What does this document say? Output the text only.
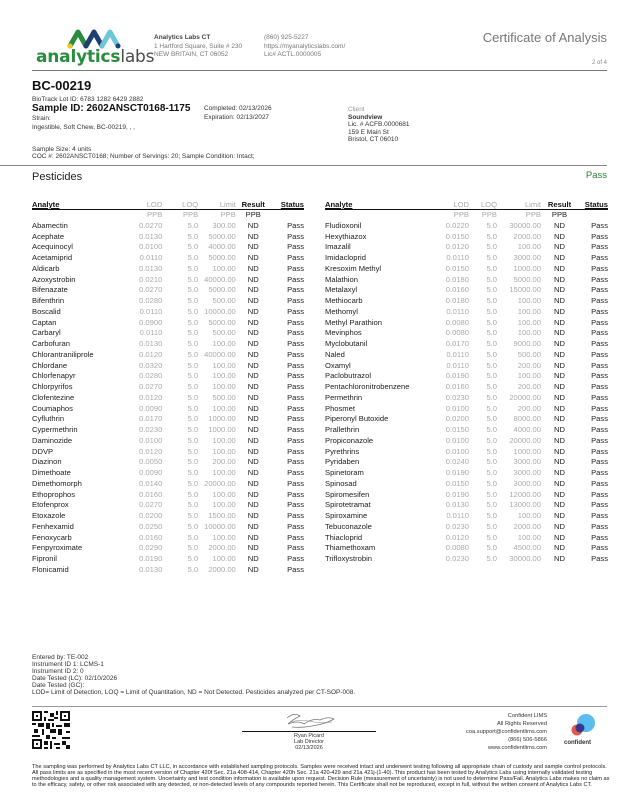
analyticslabs
Analytics Labs CT
1 Hartford Square, Suite # 230
NEW BRITAIN, CT 06052
(860) 925-5227
https://myanalyticslabs.com/
Lic# ACTL.0000005
Certificate of Analysis
2 of 4
BC-00219
BioTrack Lot ID: 6783 1282 6429 2882
Sample ID: 2602ANSCT0168-1175 Completed: 02/13/2026
Expiration: 02/13/2027
Strain:
Ingestible, Soft Chew, BC-00219, , ,
Client
Soundview
Lic. # ACFB.0000681
159 E Main St
Bristol, CT 06010
Sample Size: 4 units
COC #: 2602ANSCT0168; Number of Servings: 20; Sample Condition: Intact;
Pesticides	Pass
Analyte	LOD	LOQ	Limit Result	Status
PPB	PPB	PPB	PPB
Abamectin	0.0270	5.0	300.00	ND	Pass
Acephate	0.0130	5.0	5000.00	ND	Pass
Acequinocyl	0.0100	5.0	4000.00	ND	Pass
Acetamiprid	0.0110	5.0	5000.00	ND	Pass
Aldicarb	0.0130	5.0	100.00	ND	Pass
Azoxystrobin	0.0210	5.0 40000.00	ND	Pass
Bifenazate	0.0270	5.0	5000.00	ND	Pass
Bifenthrin	0.0280	5.0	500.00	ND	Pass
Boscalid	0.0110	5.0 10000.00	ND	Pass
Captan	0.0900	5.0	5000.00	ND	Pass
Carbaryl	0.0110	5.0	500.00	ND	Pass
Carbofuran	0.0130	5.0	100.00	ND	Pass
Chlorantraniliprole	0.0120	5.0 40000.00	ND	Pass
Chlordane	0.0320	5.0	100.00	ND	Pass
Chlorfenapyr	0.0280	5.0	100.00	ND	Pass
Chlorpyrifos	0.0270	5.0	100.00	ND	Pass
Clofentezine	0.0120	5.0	500.00	ND	Pass
Coumaphos	0.0090	5.0	100.00	ND	Pass
Cyfluthrin	0.0170	5.0	1000.00	ND	Pass
Cypermethrin	0.0230	5.0	1000.00	ND	Pass
Daminozide	0.0100	5.0	100.00	ND	Pass
DDVP	0.0120	5.0	100.00	ND	Pass
Diazinon	0.0050	5.0	200.00	ND	Pass
Dimethoate	0.0090	5.0	100.00	ND	Pass
Dimethomorph	0.0140	5.0 20000.00	ND	Pass
Ethoprophos	0.0160	5.0	100.00	ND	Pass
Etofenprox	0.0270	5.0	100.00	ND	Pass
Etoxazole	0.0200	5.0	1500.00	ND	Pass
Fenhexamid	0.0250	5.0 10000.00	ND	Pass
Fenoxycarb	0.0160	5.0	100.00	ND	Pass
Fenpyroximate	0.0290	5.0	2000.00	ND	Pass
Fipronil	0.0190	5.0	100.00	ND	Pass
Flonicamid	0.0130	5.0	2000.00	ND	Pass
Analyte	LOD	LOQ	Limit Result	Status
PPB	PPB	PPB	PPB
Fludioxonil	0.0220	5.0	30000.00	ND	Pass
Hexythiazox	0.0150	5.0	2000.00	ND	Pass
Imazalil	0.0120	5.0	100.00	ND	Pass
Imidacloprid	0.0110	5.0	3000.00	ND	Pass
Kresoxim Methyl	0.0150	5.0	1000.00	ND	Pass
Malathion	0.0180	5.0	5000.00	ND	Pass
Metalaxyl	0.0160	5.0	15000.00	ND	Pass
Methiocarb	0.0180	5.0	100.00	ND	Pass
Methomyl	0.0110	5.0	100.00	ND	Pass
Methyl Parathion	0.0080	5.0	100.00	ND	Pass
Mevinphos	0.0080	5.0	100.00	ND	Pass
Myclobutanil	0.0170	5.0	9000.00	ND	Pass
Naled	0.0110	5.0	500.00	ND	Pass
Oxamyl	0.0110	5.0	200.00	ND	Pass
Paclobutrazol	0.0190	5.0	100.00	ND	Pass
Pentachloronitrobenzene	0.0160	5.0	200.00	ND	Pass
Permethrin	0.0230	5.0	20000.00	ND	Pass
Phosmet	0.0100	5.0	200.00	ND	Pass
Piperonyl Butoxide	0.0200	5.0	8000.00	ND	Pass
Prallethrin	0.0150	5.0	4000.00	ND	Pass
Propiconazole	0.0100	5.0	20000.00	ND	Pass
Pyrethrins	0.0100	5.0	1000.00	ND	Pass
Pyridaben	0.0240	5.0	3000.00	ND	Pass
Spinetoram	0.0190	5.0	3000.00	ND	Pass
Spinosad	0.0150	5.0	3000.00	ND	Pass
Spiromesifen	0.0190	5.0	12000.00	ND	Pass
Spirotetramat	0.0130	5.0	13000.00	ND	Pass
Spiroxamine	0.0110	5.0	100.00	ND	Pass
Tebuconazole	0.0230	5.0	2000.00	ND	Pass
Thiacloprid	0.0120	5.0	100.00	ND	Pass
Thiamethoxam	0.0080	5.0	4500.00	ND	Pass
Trifloxystrobin	0.0230	5.0	30000.00	ND	Pass
Entered by: TE-002
Instrument ID 1: LCMS-1
Instrument ID 2: 0
Date Tested (LC): 02/10/2026
Date Tested (GC):
LOD= Limit of Detection, LOQ = Limit of Quantitation, ND = Not Detected. Pesticides analyzed per CT-SOP-008.
Ryan Picard
Lab Director
02/13/2026
Confident LIMS
All Rights Reserved
coa.support@confidentlims.com
(866) 506-5866
www.confidentlims.com
confident
The sampling was performed by Analytics Labs CT LLC, in accordance with established sampling protocols. Samples were received intact and underwent testing following all appropriate chain of custody and sample control protocols. All pass limits are as specified in the most recent version of Chapter 420f Sec. 21a 408-414, Chapter 420h Sec. 21a 420-429 and 21a 421j-(1-40). This product has been tested by Analytics Labs using internally validated testing methodologies and a quality management system. Uncertainty and test condition information is available upon request. Decision Rule (measurement of uncertainty) is not used to determine Pass/Fail. Analytics Labs makes no claim as to the efficacy, safety, or other risk associated with any detected, or non-detected levels of any compounds reported herein. This Certificate shall not be reproduced, except in full, without the written consent of Analytics Labs CT.
